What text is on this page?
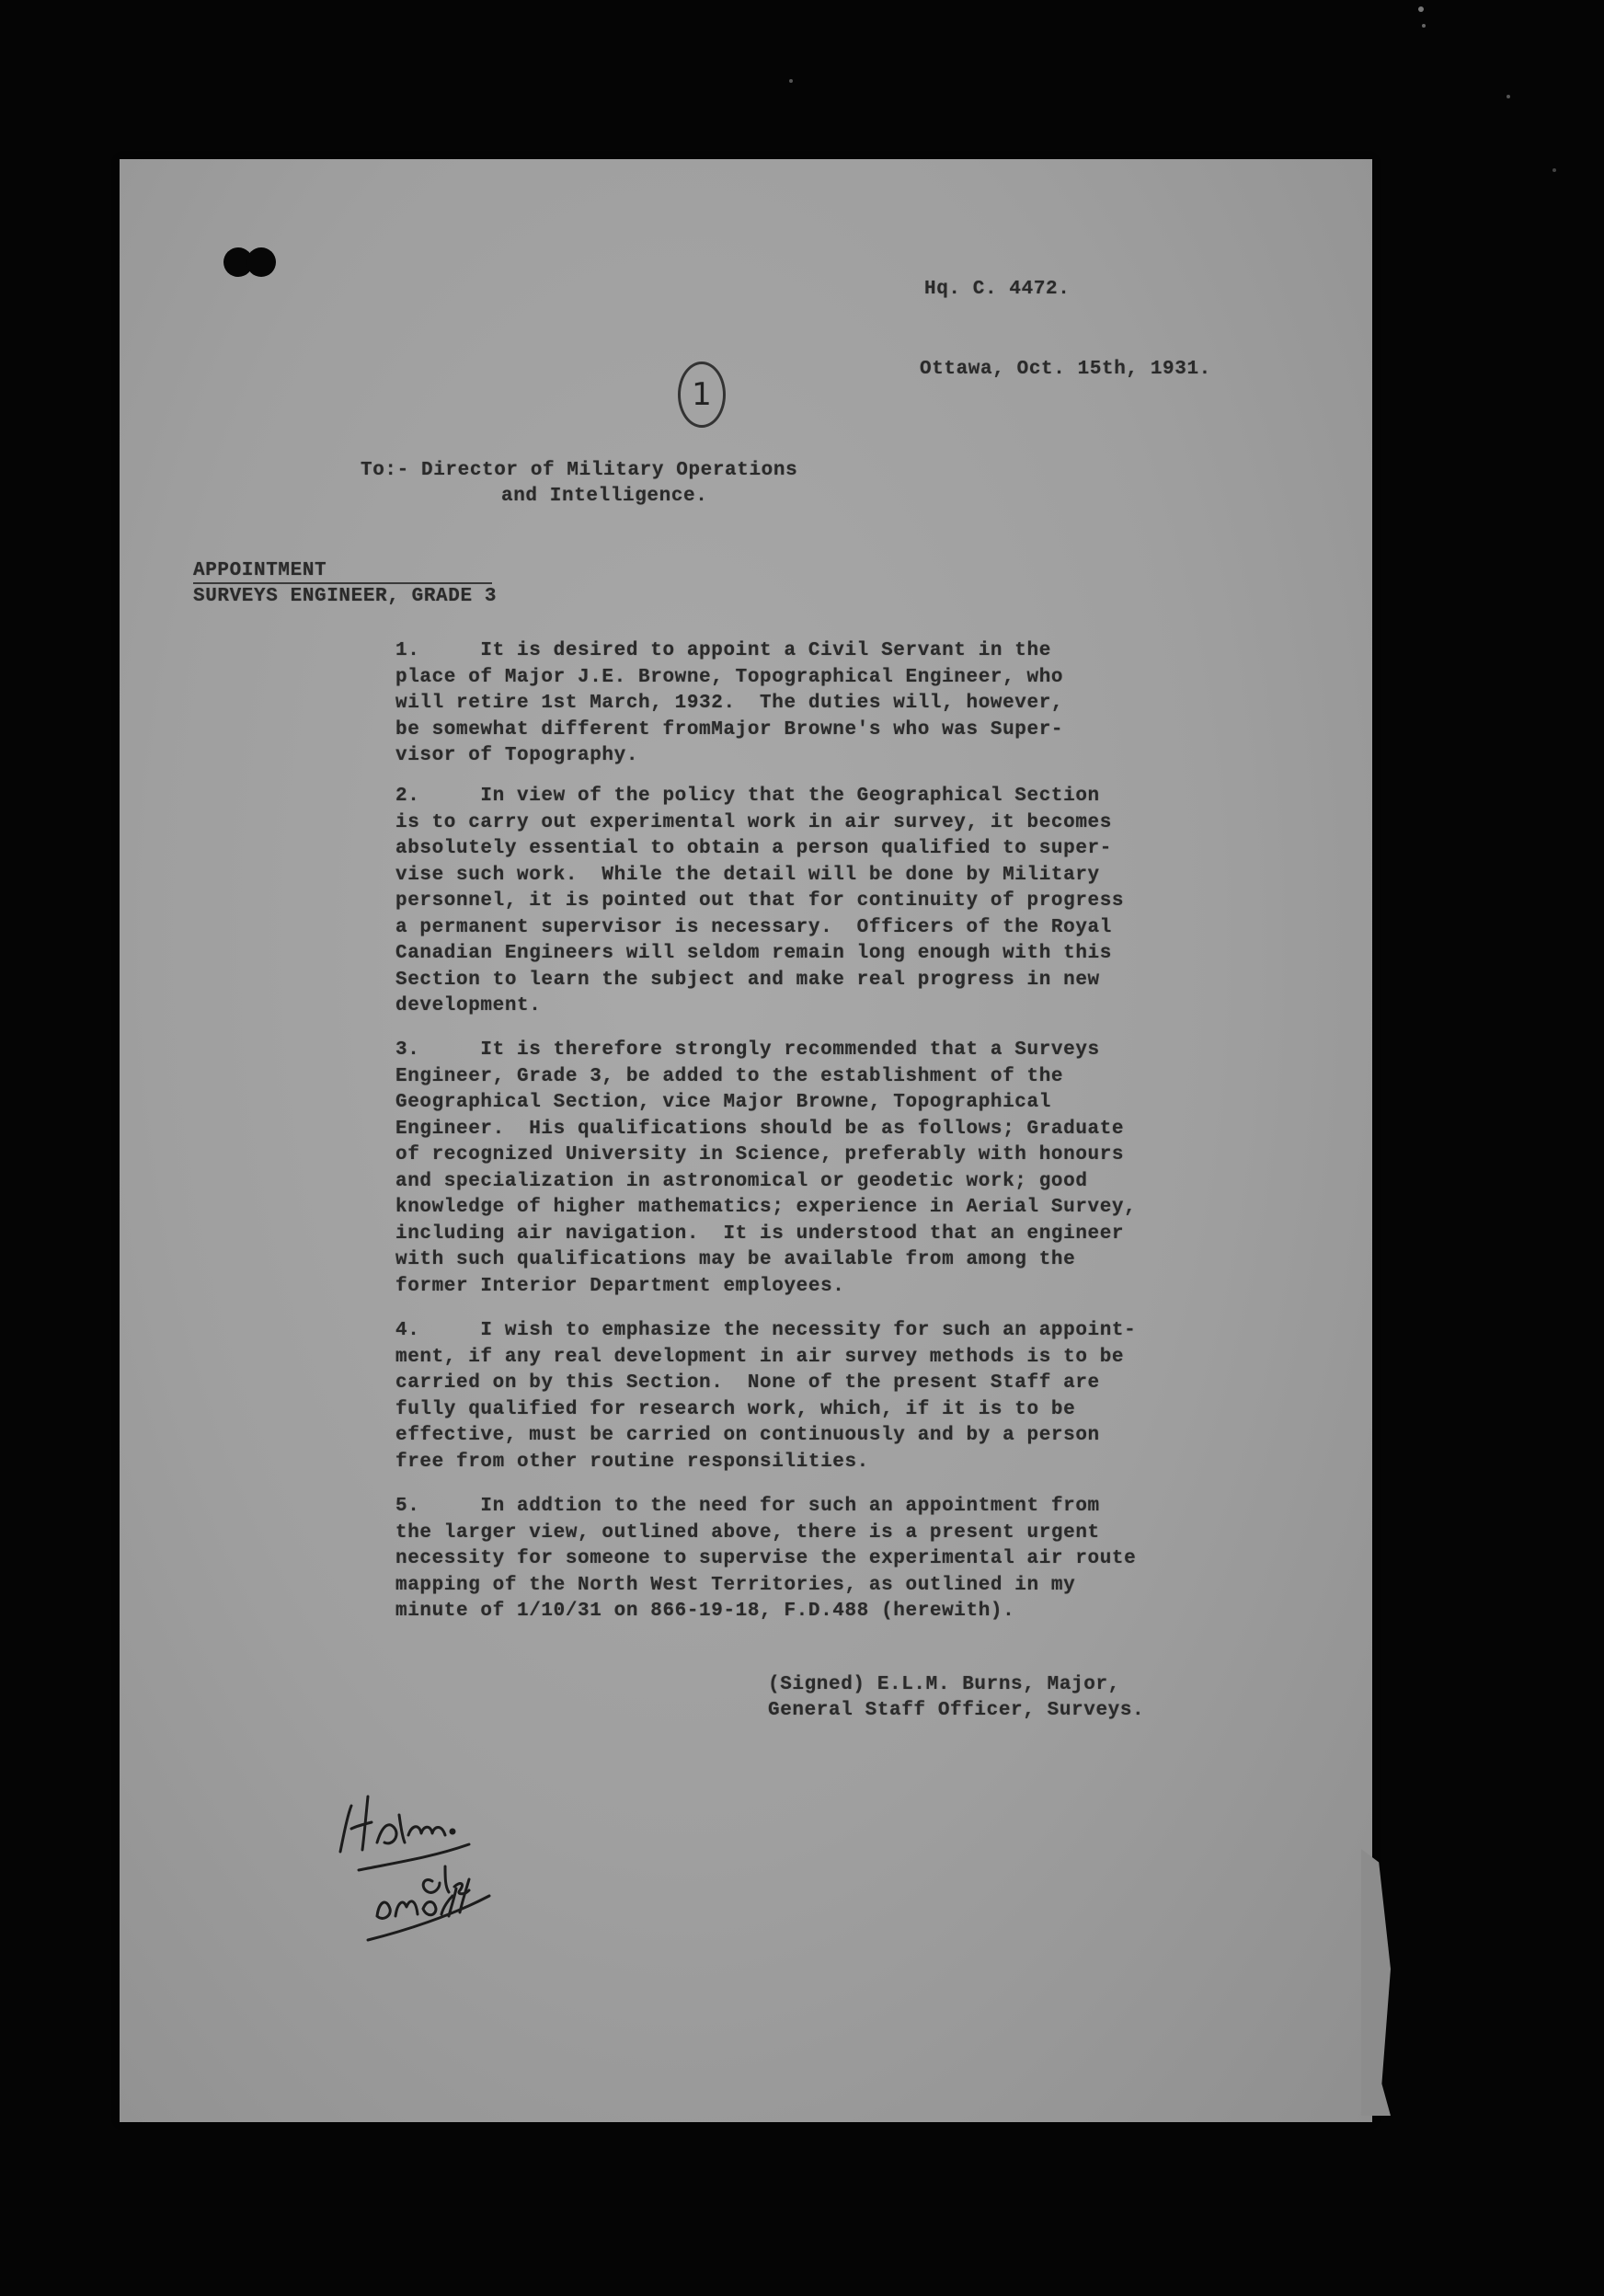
Hq. C. 4472.
Ottawa, Oct. 15th, 1931.
1
To:- Director of Military Operations
and Intelligence.
APPOINTMENT
SURVEYS ENGINEER, GRADE 3
1.     It is desired to appoint a Civil Servant in the
place of Major J.E. Browne, Topographical Engineer, who
will retire 1st March, 1932.  The duties will, however,
be somewhat different fromMajor Browne's who was Super-
visor of Topography.
2.     In view of the policy that the Geographical Section
is to carry out experimental work in air survey, it becomes
absolutely essential to obtain a person qualified to super-
vise such work.  While the detail will be done by Military
personnel, it is pointed out that for continuity of progress
a permanent supervisor is necessary.  Officers of the Royal
Canadian Engineers will seldom remain long enough with this
Section to learn the subject and make real progress in new
development.
3.     It is therefore strongly recommended that a Surveys
Engineer, Grade 3, be added to the establishment of the
Geographical Section, vice Major Browne, Topographical
Engineer.  His qualifications should be as follows; Graduate
of recognized University in Science, preferably with honours
and specialization in astronomical or geodetic work; good
knowledge of higher mathematics; experience in Aerial Survey,
including air navigation.  It is understood that an engineer
with such qualifications may be available from among the
former Interior Department employees.
4.     I wish to emphasize the necessity for such an appoint-
ment, if any real development in air survey methods is to be
carried on by this Section.  None of the present Staff are
fully qualified for research work, which, if it is to be
effective, must be carried on continuously and by a person
free from other routine responsilities.
5.     In addtion to the need for such an appointment from
the larger view, outlined above, there is a present urgent
necessity for someone to supervise the experimental air route
mapping of the North West Territories, as outlined in my
minute of 1/10/31 on 866-19-18, F.D.488 (herewith).
(Signed) E.L.M. Burns, Major,
General Staff Officer, Surveys.
